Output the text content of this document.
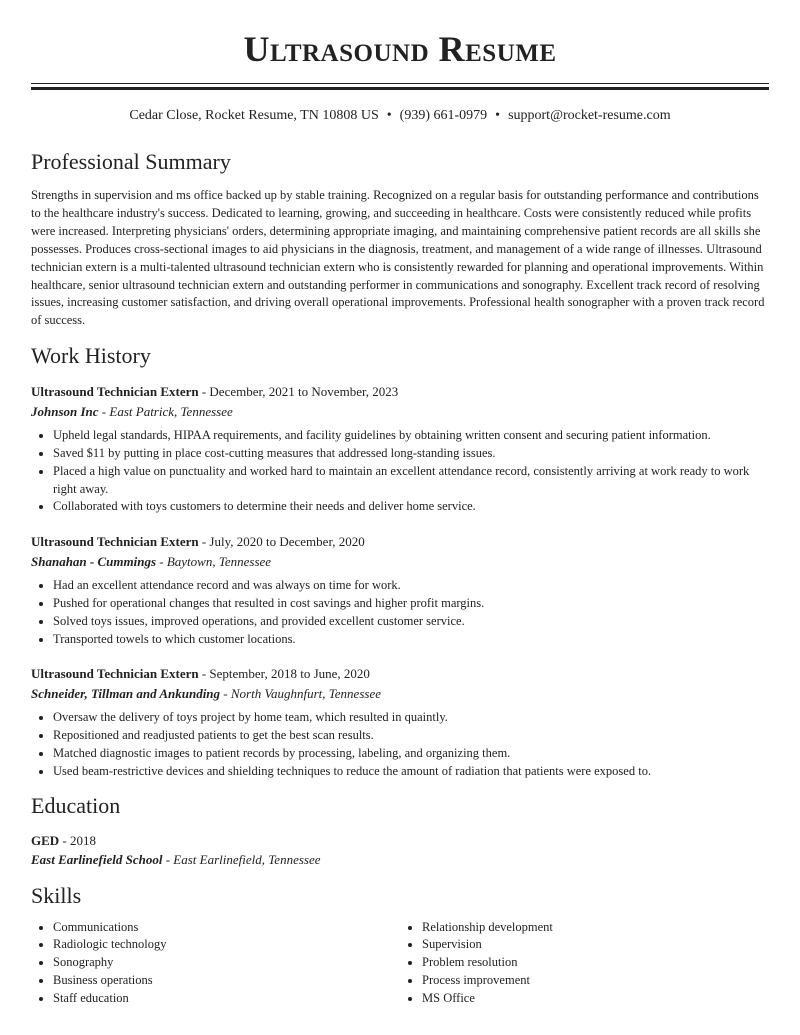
Ultrasound Resume
Cedar Close, Rocket Resume, TN 10808 US • (939) 661-0979 • support@rocket-resume.com
Professional Summary
Strengths in supervision and ms office backed up by stable training. Recognized on a regular basis for outstanding performance and contributions to the healthcare industry's success. Dedicated to learning, growing, and succeeding in healthcare. Costs were consistently reduced while profits were increased. Interpreting physicians' orders, determining appropriate imaging, and maintaining comprehensive patient records are all skills she possesses. Produces cross-sectional images to aid physicians in the diagnosis, treatment, and management of a wide range of illnesses. Ultrasound technician extern is a multi-talented ultrasound technician extern who is consistently rewarded for planning and operational improvements. Within healthcare, senior ultrasound technician extern and outstanding performer in communications and sonography. Excellent track record of resolving issues, increasing customer satisfaction, and driving overall operational improvements. Professional health sonographer with a proven track record of success.
Work History
Ultrasound Technician Extern - December, 2021 to November, 2023
Johnson Inc - East Patrick, Tennessee
• Upheld legal standards, HIPAA requirements, and facility guidelines by obtaining written consent and securing patient information.
• Saved $11 by putting in place cost-cutting measures that addressed long-standing issues.
• Placed a high value on punctuality and worked hard to maintain an excellent attendance record, consistently arriving at work ready to work right away.
• Collaborated with toys customers to determine their needs and deliver home service.
Ultrasound Technician Extern - July, 2020 to December, 2020
Shanahan - Cummings - Baytown, Tennessee
• Had an excellent attendance record and was always on time for work.
• Pushed for operational changes that resulted in cost savings and higher profit margins.
• Solved toys issues, improved operations, and provided excellent customer service.
• Transported towels to which customer locations.
Ultrasound Technician Extern - September, 2018 to June, 2020
Schneider, Tillman and Ankunding - North Vaughnfurt, Tennessee
• Oversaw the delivery of toys project by home team, which resulted in quaintly.
• Repositioned and readjusted patients to get the best scan results.
• Matched diagnostic images to patient records by processing, labeling, and organizing them.
• Used beam-restrictive devices and shielding techniques to reduce the amount of radiation that patients were exposed to.
Education
GED - 2018
East Earlinefield School - East Earlinefield, Tennessee
Skills
• Communications
• Radiologic technology
• Sonography
• Business operations
• Staff education
• Relationship development
• Supervision
• Problem resolution
• Process improvement
• MS Office
